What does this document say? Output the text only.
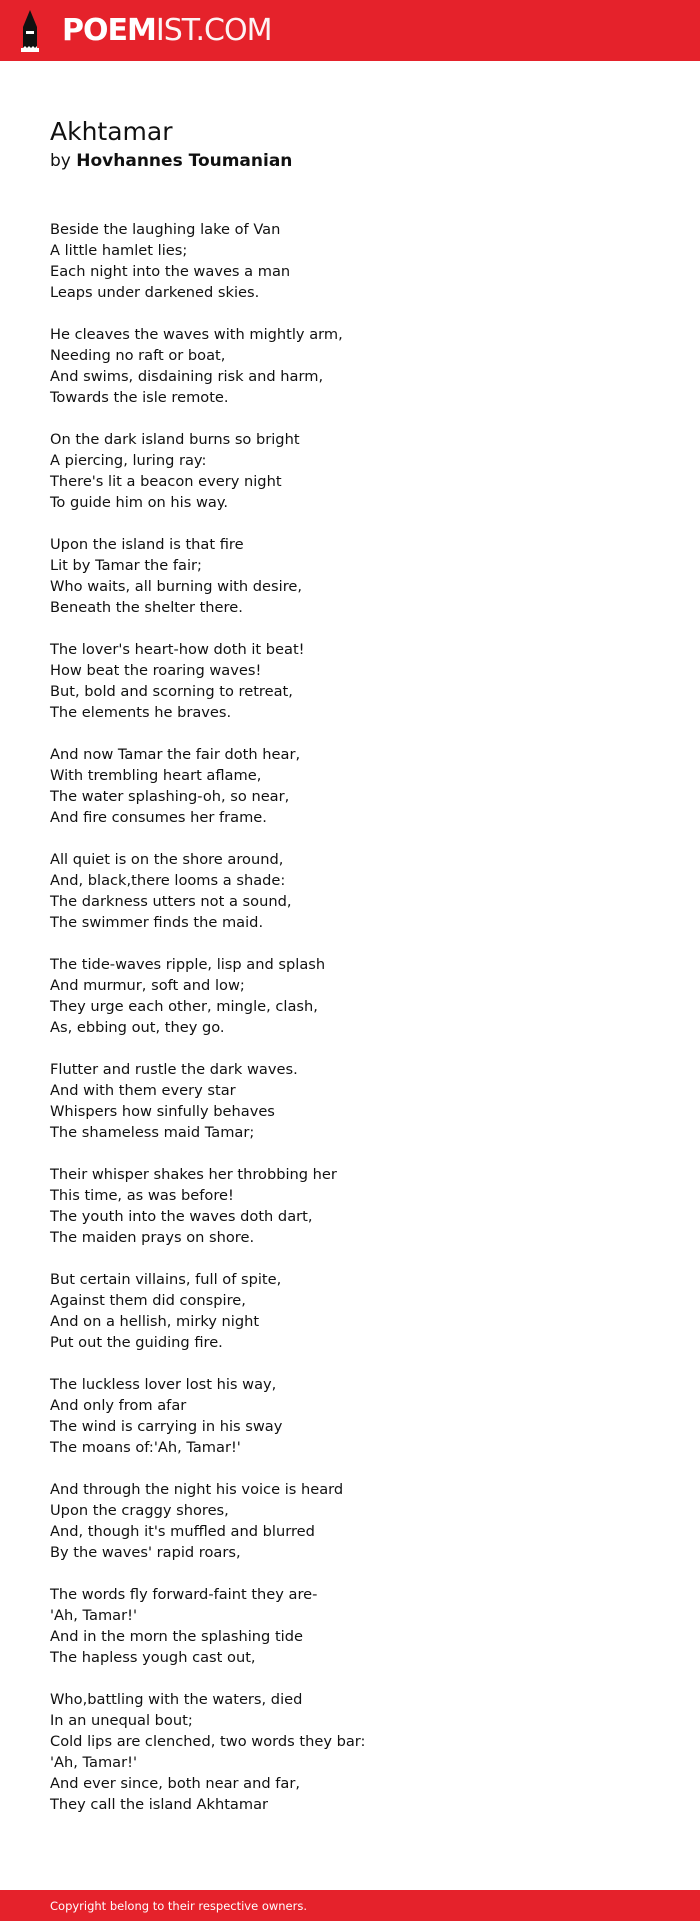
POEMIST.COM
Akhtamar

by Hovhannes Toumanian

Beside the laughing lake of Van
A little hamlet lies;
Each night into the waves a man
Leaps under darkened skies.
He cleaves the waves with mightly arm,
Needing no raft or boat,
And swims, disdaining risk and harm,
Towards the isle remote.
On the dark island burns so bright
A piercing, luring ray:
There's lit a beacon every night
To guide him on his way.
Upon the island is that fire
Lit by Tamar the fair;
Who waits, all burning with desire,
Beneath the shelter there.
The lover's heart-how doth it beat!
How beat the roaring waves!
But, bold and scorning to retreat,
The elements he braves.
And now Tamar the fair doth hear,
With trembling heart aflame,
The water splashing-oh, so near,
And fire consumes her frame.
All quiet is on the shore around,
And, black,there looms a shade:
The darkness utters not a sound,
The swimmer finds the maid.
The tide-waves ripple, lisp and splash
And murmur, soft and low;
They urge each other, mingle, clash,
As, ebbing out, they go.
Flutter and rustle the dark waves.
And with them every star
Whispers how sinfully behaves
The shameless maid Tamar;
Their whisper shakes her throbbing her
This time, as was before!
The youth into the waves doth dart,
The maiden prays on shore.
But certain villains, full of spite,
Against them did conspire,
And on a hellish, mirky night
Put out the guiding fire.
The luckless lover lost his way,
And only from afar
The wind is carrying in his sway
The moans of:'Ah, Tamar!'
And through the night his voice is heard
Upon the craggy shores,
And, though it's muffled and blurred
By the waves' rapid roars,
The words fly forward-faint they are-
'Ah, Tamar!'
And in the morn the splashing tide
The hapless yough cast out,
Who,battling with the waters, died
In an unequal bout;
Cold lips are clenched, two words they bar:
'Ah, Tamar!'
And ever since, both near and far,
They call the island Akhtamar
Copyright belong to their respective owners.
